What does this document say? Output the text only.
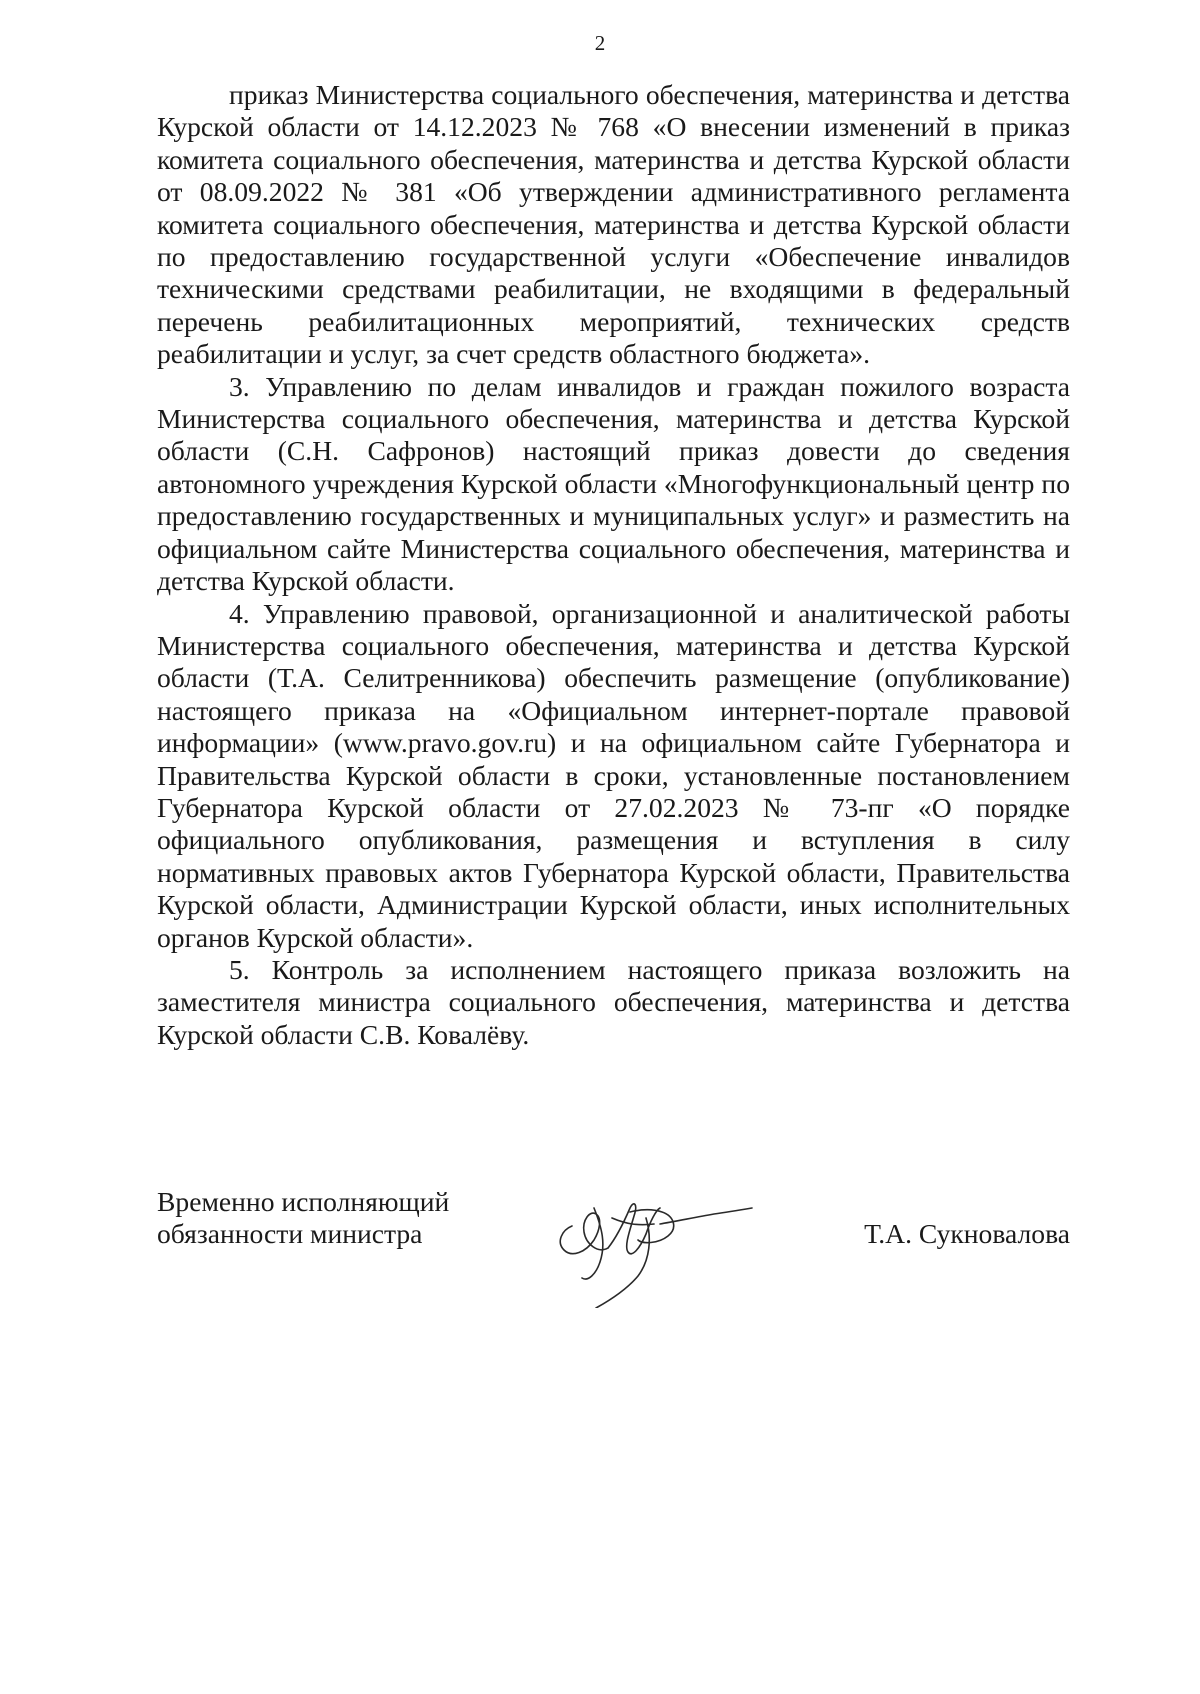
2

приказ Министерства социального обеспечения, материнства и детства Курской области от 14.12.2023 № 768 «О внесении изменений в приказ комитета социального обеспечения, материнства и детства Курской области от 08.09.2022 № 381 «Об утверждении административного регламента комитета социального обеспечения, материнства и детства Курской области по предоставлению государственной услуги «Обеспечение инвалидов техническими средствами реабилитации, не входящими в федеральный перечень реабилитационных мероприятий, технических средств реабилитации и услуг, за счет средств областного бюджета».

3. Управлению по делам инвалидов и граждан пожилого возраста Министерства социального обеспечения, материнства и детства Курской области (С.Н. Сафронов) настоящий приказ довести до сведения автономного учреждения Курской области «Многофункциональный центр по предоставлению государственных и муниципальных услуг» и разместить на официальном сайте Министерства социального обеспечения, материнства и детства Курской области.

4. Управлению правовой, организационной и аналитической работы Министерства социального обеспечения, материнства и детства Курской области (Т.А. Селитренникова) обеспечить размещение (опубликование) настоящего приказа на «Официальном интернет-портале правовой информации» (www.pravo.gov.ru) и на официальном сайте Губернатора и Правительства Курской области в сроки, установленные постановлением Губернатора Курской области от 27.02.2023 № 73-пг «О порядке официального опубликования, размещения и вступления в силу нормативных правовых актов Губернатора Курской области, Правительства Курской области, Администрации Курской области, иных исполнительных органов Курской области».

5. Контроль за исполнением настоящего приказа возложить на заместителя министра социального обеспечения, материнства и детства Курской области С.В. Ковалёву.

Временно исполняющий
обязанности министра	Т.А. Сукновалова
